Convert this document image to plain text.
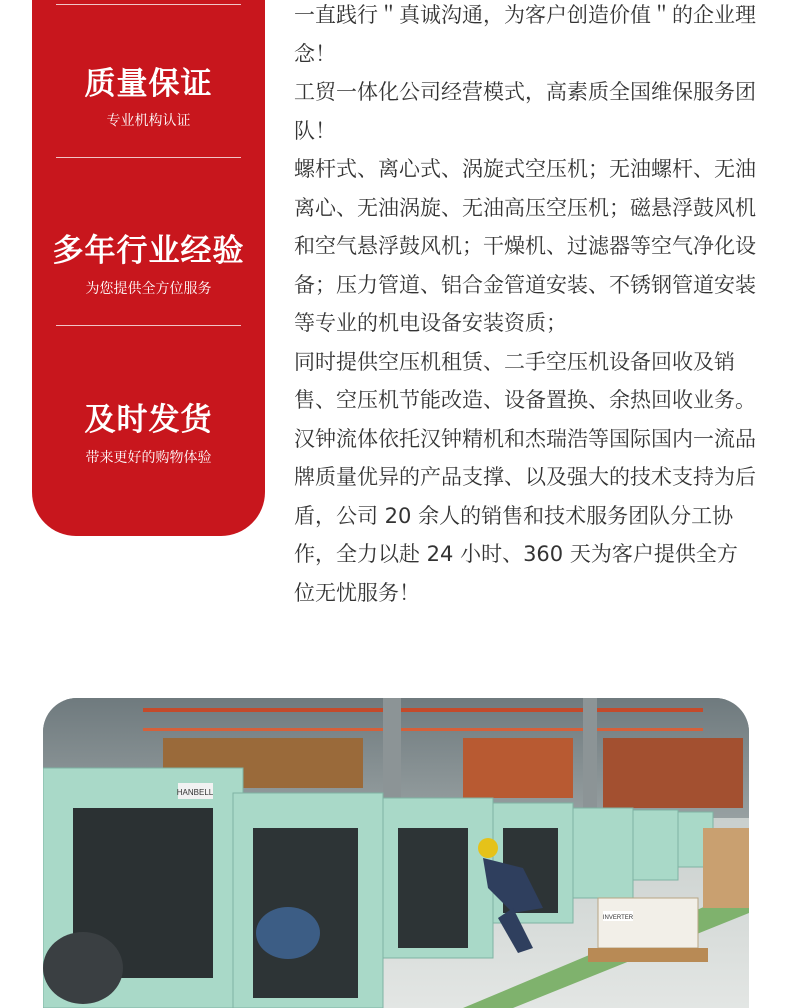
质量保证
专业机构认证
多年行业经验
为您提供全方位服务
及时发货
带来更好的购物体验

一直践行＂真诚沟通，为客户创造价值＂的企业理念！

工贸一体化公司经营模式，高素质全国维保服务团队！

螺杆式、离心式、涡旋式空压机；无油螺杆、无油离心、无油涡旋、无油高压空压机；磁悬浮鼓风机和空气悬浮鼓风机；干燥机、过滤器等空气净化设备；压力管道、铝合金管道安装、不锈钢管道安装等专业的机电设备安装资质；

同时提供空压机租赁、二手空压机设备回收及销售、空压机节能改造、设备置换、余热回收业务。

汉钟流体依托汉钟精机和杰瑞浩等国际国内一流品牌质量优异的产品支撑、以及强大的技术支持为后盾，公司 20 余人的销售和技术服务团队分工协作，全力以赴 24 小时、360 天为客户提供全方位无忧服务！

HANBELL
INVERTER
